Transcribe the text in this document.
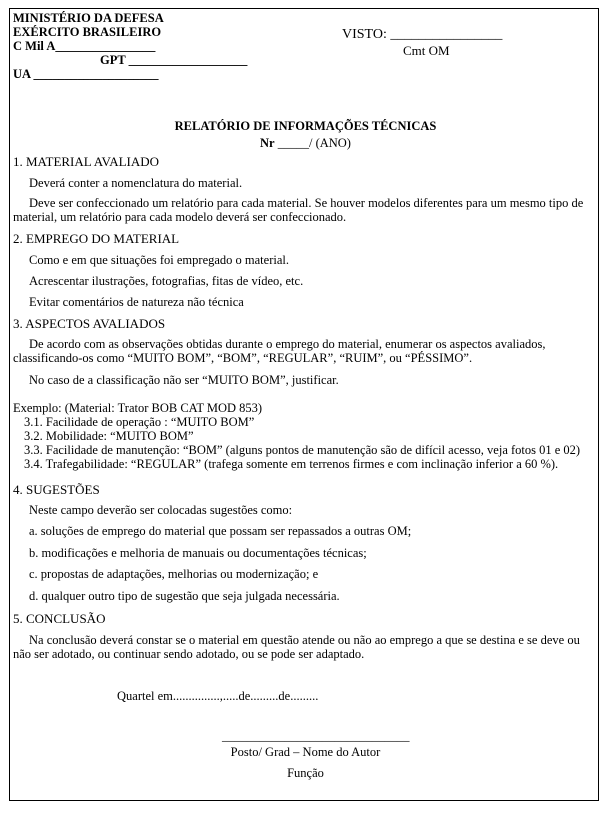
MINISTÉRIO DA DEFESA
EXÉRCITO BRASILEIRO
C Mil A________________
GPT ___________________
UA ____________________
VISTO: ________________
Cmt OM
RELATÓRIO DE INFORMAÇÕES TÉCNICAS
Nr _____/ (ANO)
1. MATERIAL AVALIADO
Deverá conter a nomenclatura do material.
Deve ser confeccionado um relatório para cada material. Se houver modelos diferentes para um mesmo tipo de material, um relatório para cada modelo deverá ser confeccionado.
2. EMPREGO DO MATERIAL
Como e em que situações foi empregado o material.
Acrescentar ilustrações, fotografias, fitas de vídeo, etc.
Evitar comentários de natureza não técnica
3. ASPECTOS AVALIADOS
De acordo com as observações obtidas durante o emprego do material, enumerar os aspectos avaliados, classificando-os como “MUITO BOM”, “BOM”, “REGULAR”, “RUIM”, ou “PÉSSIMO”.
No caso de a classificação não ser “MUITO BOM”, justificar.
Exemplo: (Material: Trator BOB CAT MOD 853)
3.1. Facilidade de operação : “MUITO BOM”
3.2. Mobilidade: “MUITO BOM”
3.3. Facilidade de manutenção: “BOM” (alguns pontos de manutenção são de difícil acesso, veja fotos 01 e 02)
3.4. Trafegabilidade: “REGULAR” (trafega somente em terrenos firmes e com inclinação inferior a 60 %).
4. SUGESTÕES
Neste campo deverão ser colocadas sugestões como:
a. soluções de emprego do material que possam ser repassados a outras OM;
b. modificações e melhoria de manuais ou documentações técnicas;
c. propostas de adaptações, melhorias ou modernização; e
d. qualquer outro tipo de sugestão que seja julgada necessária.
5. CONCLUSÃO
Na conclusão deverá constar se o material em questão atende ou não ao emprego a que se destina e se deve ou não ser adotado, ou continuar sendo adotado, ou se pode ser adaptado.
Quartel em...............,.....de.........de.........
______________________________
Posto/ Grad – Nome do Autor
Função
